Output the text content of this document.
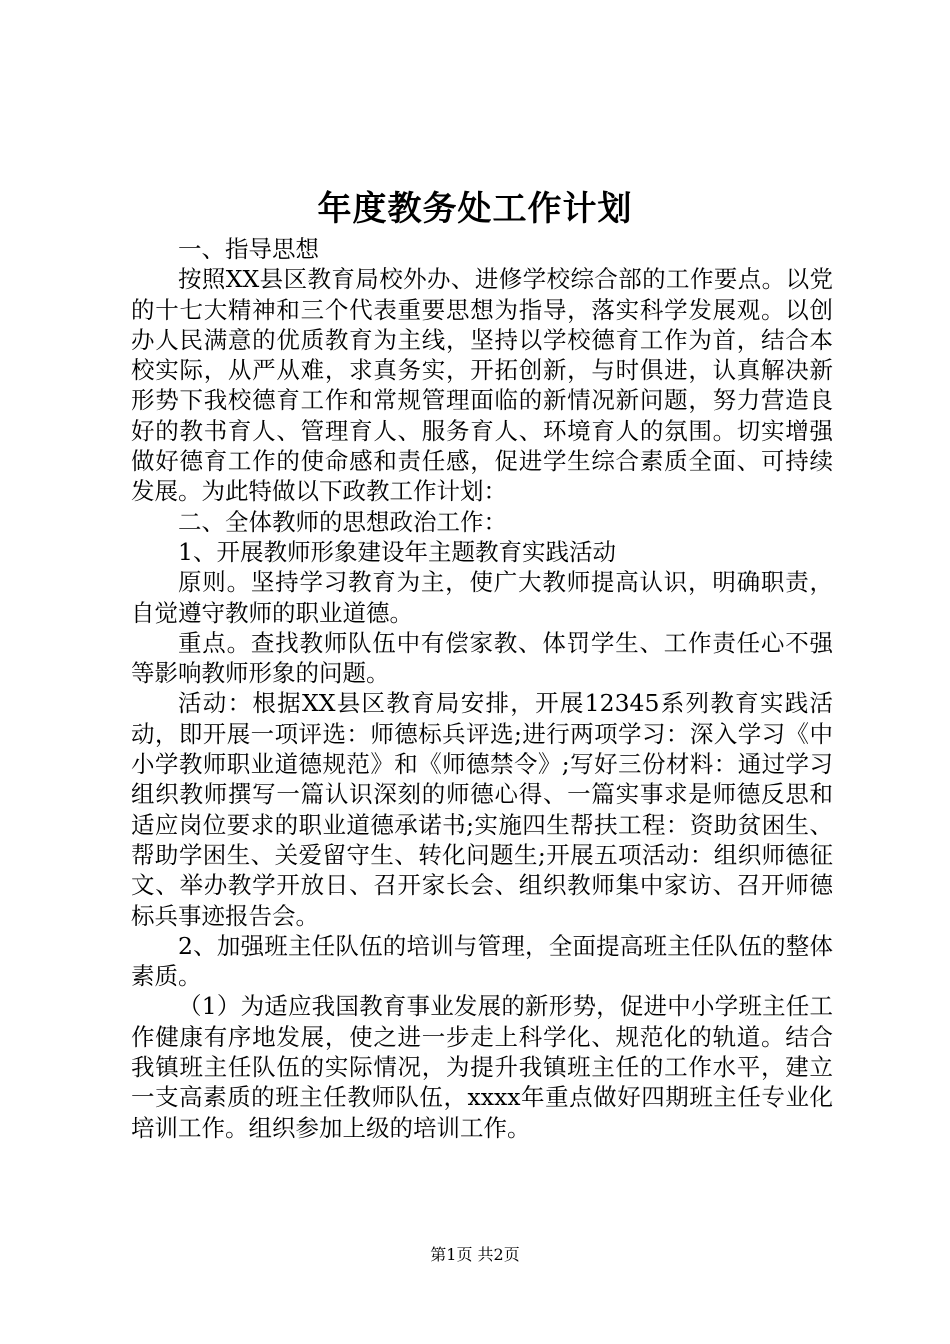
年度教务处工作计划

一、指导思想

按照XX县区教育局校外办、进修学校综合部的工作要点。以党的十七大精神和三个代表重要思想为指导，落实科学发展观。以创办人民满意的优质教育为主线，坚持以学校德育工作为首，结合本校实际，从严从难，求真务实，开拓创新，与时俱进，认真解决新形势下我校德育工作和常规管理面临的新情况新问题，努力营造良好的教书育人、管理育人、服务育人、环境育人的氛围。切实增强做好德育工作的使命感和责任感，促进学生综合素质全面、可持续发展。为此特做以下政教工作计划：

二、全体教师的思想政治工作：

1、开展教师形象建设年主题教育实践活动

原则。坚持学习教育为主，使广大教师提高认识，明确职责，自觉遵守教师的职业道德。

重点。查找教师队伍中有偿家教、体罚学生、工作责任心不强等影响教师形象的问题。

活动：根据XX县区教育局安排，开展12345系列教育实践活动，即开展一项评选：师德标兵评选;进行两项学习：深入学习《中小学教师职业道德规范》和《师德禁令》;写好三份材料：通过学习组织教师撰写一篇认识深刻的师德心得、一篇实事求是师德反思和适应岗位要求的职业道德承诺书;实施四生帮扶工程：资助贫困生、帮助学困生、关爱留守生、转化问题生;开展五项活动：组织师德征文、举办教学开放日、召开家长会、组织教师集中家访、召开师德标兵事迹报告会。

2、加强班主任队伍的培训与管理，全面提高班主任队伍的整体素质。

（1）为适应我国教育事业发展的新形势，促进中小学班主任工作健康有序地发展，使之进一步走上科学化、规范化的轨道。结合我镇班主任队伍的实际情况，为提升我镇班主任的工作水平，建立一支高素质的班主任教师队伍，xxxx年重点做好四期班主任专业化培训工作。组织参加上级的培训工作。

第1页 共2页
